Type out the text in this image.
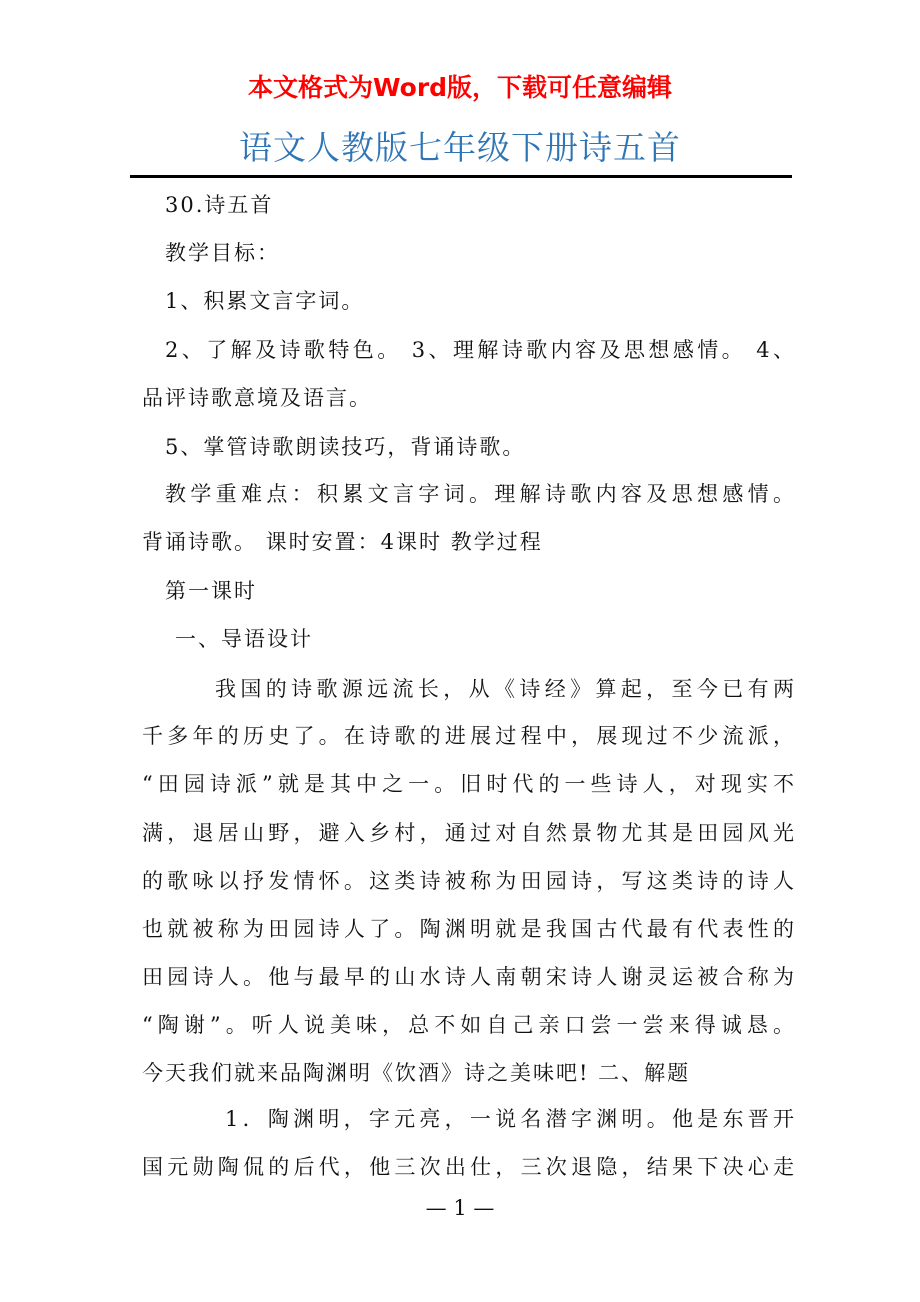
本文格式为Word版，下载可任意编辑
语文人教版七年级下册诗五首
30.诗五首
教学目标：
1、积累文言字词。
2、了解及诗歌特色。 3、理解诗歌内容及思想感情。 4、
品评诗歌意境及语言。
5、掌管诗歌朗读技巧，背诵诗歌。
教学重难点：积累文言字词。理解诗歌内容及思想感情。
背诵诗歌。 课时安置：4课时 教学过程
第一课时
一、导语设计
我国的诗歌源远流长，从《诗经》算起，至今已有两
千多年的历史了。在诗歌的进展过程中，展现过不少流派，
“田园诗派”就是其中之一。旧时代的一些诗人，对现实不
满，退居山野，避入乡村，通过对自然景物尤其是田园风光
的歌咏以抒发情怀。这类诗被称为田园诗，写这类诗的诗人
也就被称为田园诗人了。陶渊明就是我国古代最有代表性的
田园诗人。他与最早的山水诗人南朝宋诗人谢灵运被合称为
“陶谢”。听人说美味，总不如自己亲口尝一尝来得诚恳。
今天我们就来品陶渊明《饮酒》诗之美味吧! 二、解题
1．陶渊明，字元亮，一说名潜字渊明。他是东晋开
国元勋陶侃的后代，他三次出仕，三次退隐，结果下决心走
— 1 —
